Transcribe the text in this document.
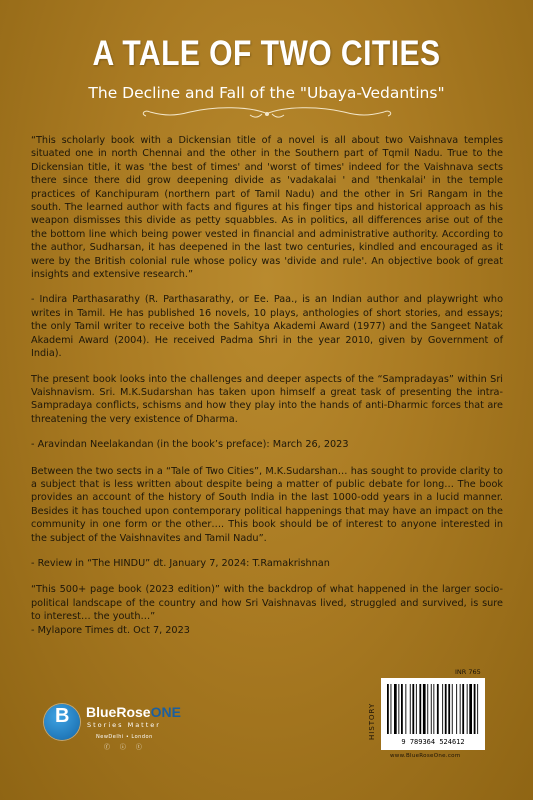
A TALE OF TWO CITIES
The Decline and Fall of the "Ubaya-Vedantins"

“This scholarly book with a Dickensian title of a novel is all about two Vaishnava temples situated one in north Chennai and the other in the Southern part of Tqmil Nadu. True to the Dickensian title, it was 'the best of times' and 'worst of times' indeed for the Vaishnava sects there since there did grow deepening divide as 'vadakalai ' and 'thenkalai' in the temple practices of Kanchipuram (northern part of Tamil Nadu) and the other in Sri Rangam in the south. The learned author with facts and figures at his finger tips and historical approach as his weapon dismisses this divide as petty squabbles. As in politics, all differences arise out of the the bottom line which being power vested in financial and administrative authority. According to the author, Sudharsan, it has deepened in the last two centuries, kindled and encouraged as it were by the British colonial rule whose policy was 'divide and rule'. An objective book of great insights and extensive research.”

- Indira Parthasarathy (R. Parthasarathy, or Ee. Paa., is an Indian author and playwright who writes in Tamil. He has published 16 novels, 10 plays, anthologies of short stories, and essays; the only Tamil writer to receive both the Sahitya Akademi Award (1977) and the Sangeet Natak Akademi Award (2004). He received Padma Shri in the year 2010, given by Government of India).

The present book looks into the challenges and deeper aspects of the “Sampradayas” within Sri Vaishnavism. Sri. M.K.Sudarshan has taken upon himself a great task of presenting the intra-Sampradaya conflicts, schisms and how they play into the hands of anti-Dharmic forces that are threatening the very existence of Dharma.

- Aravindan Neelakandan (in the book’s preface): March 26, 2023

Between the two sects in a “Tale of Two Cities”, M.K.Sudarshan… has sought to provide clarity to a subject that is less written about despite being a matter of public debate for long… The book provides an account of the history of South India in the last 1000-odd years in a lucid manner. Besides it has touched upon contemporary political happenings that may have an impact on the community in one form or the other…. This book should be of interest to anyone interested in the subject of the Vaishnavites and Tamil Nadu”.

- Review in “The HINDU” dt. January 7, 2024: T.Ramakrishnan

“This 500+ page book (2023 edition)” with the backdrop of what happened in the larger socio-political landscape of the country and how Sri Vaishnavas lived, struggled and survived, is sure to interest… the youth…”

- Mylapore Times dt. Oct 7, 2023

B BlueRoseONE
Stories Matter
NewDelhi • London
ⓕ ⓘ ⓣ
INR 765
HISTORY
9 789364 524612
www.BlueRoseOne.com
